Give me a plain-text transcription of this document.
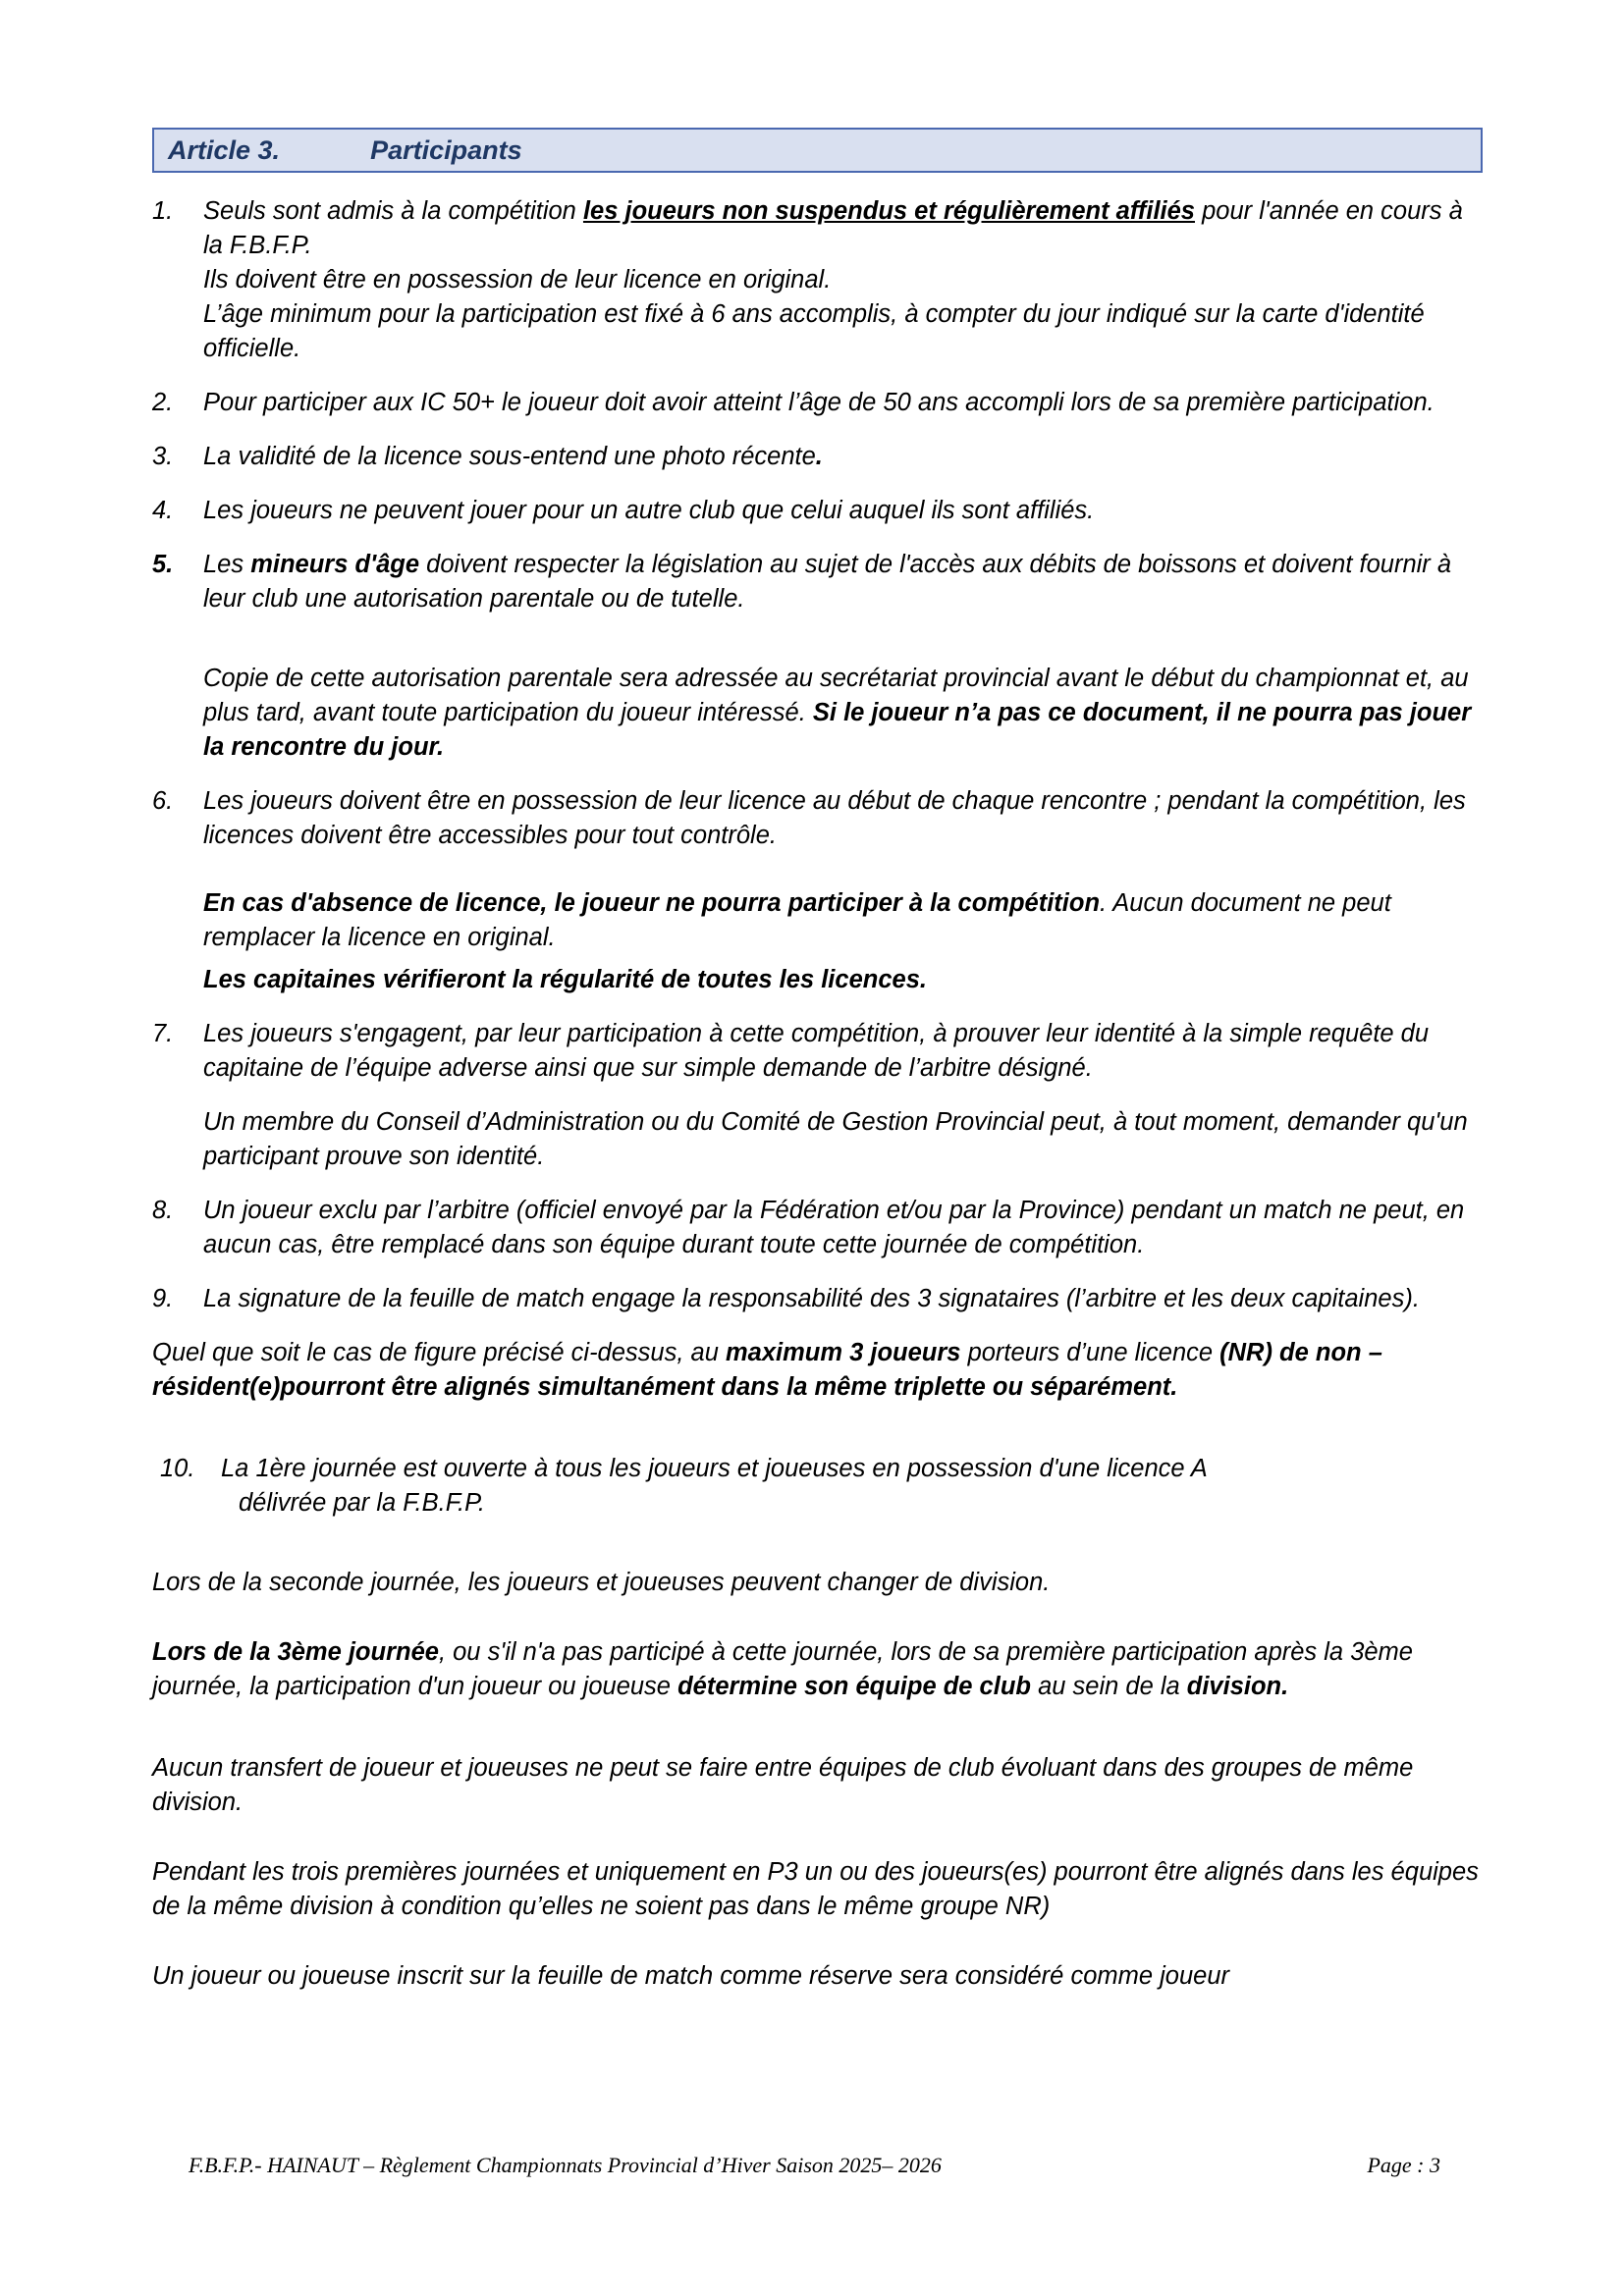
Article 3.	Participants
1.	Seuls sont admis à la compétition les joueurs non suspendus et régulièrement affiliés pour l'année en cours à la F.B.F.P.
Ils doivent être en possession de leur licence en original.
L’âge minimum pour la participation est fixé à 6 ans accomplis, à compter du jour indiqué sur la carte d'identité officielle.
2.	Pour participer aux IC 50+ le joueur doit avoir atteint l’âge de 50 ans accompli lors de sa première participation.
3.	La validité de la licence sous-entend une photo récente.
4.	Les joueurs ne peuvent jouer pour un autre club que celui auquel ils sont affiliés.
5.	Les mineurs d'âge doivent respecter la législation au sujet de l'accès aux débits de boissons et doivent fournir à leur club une autorisation parentale ou de tutelle.
Copie de cette autorisation parentale sera adressée au secrétariat provincial avant le début du championnat et, au plus tard, avant toute participation du joueur intéressé. Si le joueur n’a pas ce document, il ne pourra pas jouer la rencontre du jour.
6.	Les joueurs doivent être en possession de leur licence au début de chaque rencontre ; pendant la compétition, les licences doivent être accessibles pour tout contrôle.
En cas d'absence de licence, le joueur ne pourra participer à la compétition. Aucun document ne peut remplacer la licence en original.
Les capitaines vérifieront la régularité de toutes les licences.
7.	Les joueurs s'engagent, par leur participation à cette compétition, à prouver leur identité à la simple requête du capitaine de l’équipe adverse ainsi que sur simple demande de l’arbitre désigné.
Un membre du Conseil d’Administration ou du Comité de Gestion Provincial peut, à tout moment, demander qu'un participant prouve son identité.
8.	Un joueur exclu par l’arbitre (officiel envoyé par la Fédération et/ou par la Province) pendant un match ne peut, en aucun cas, être remplacé dans son équipe durant toute cette journée de compétition.
9.	La signature de la feuille de match engage la responsabilité des 3 signataires (l’arbitre et les deux capitaines).
Quel que soit le cas de figure précisé ci-dessus, au maximum 3 joueurs porteurs d’une licence (NR) de non – résident(e)pourront être alignés simultanément dans la même triplette ou séparément.
10.	La 1ère journée est ouverte à tous les joueurs et joueuses en possession d'une licence A
délivrée par la F.B.F.P.
Lors de la seconde journée, les joueurs et joueuses peuvent changer de division.
Lors de la 3ème journée, ou s'il n'a pas participé à cette journée, lors de sa première participation après la 3ème journée, la participation d'un joueur ou joueuse détermine son équipe de club au sein de la division.
Aucun transfert de joueur et joueuses ne peut se faire entre équipes de club évoluant dans des groupes de même division.
Pendant les trois premières journées et uniquement en P3 un ou des joueurs(es) pourront être alignés dans les équipes de la même division à condition qu’elles ne soient pas dans le même groupe NR)
Un joueur ou joueuse inscrit sur la feuille de match comme réserve sera considéré comme joueur
F.B.F.P.- HAINAUT – Règlement Championnats Provincial d’Hiver Saison 2025– 2026	Page : 3
